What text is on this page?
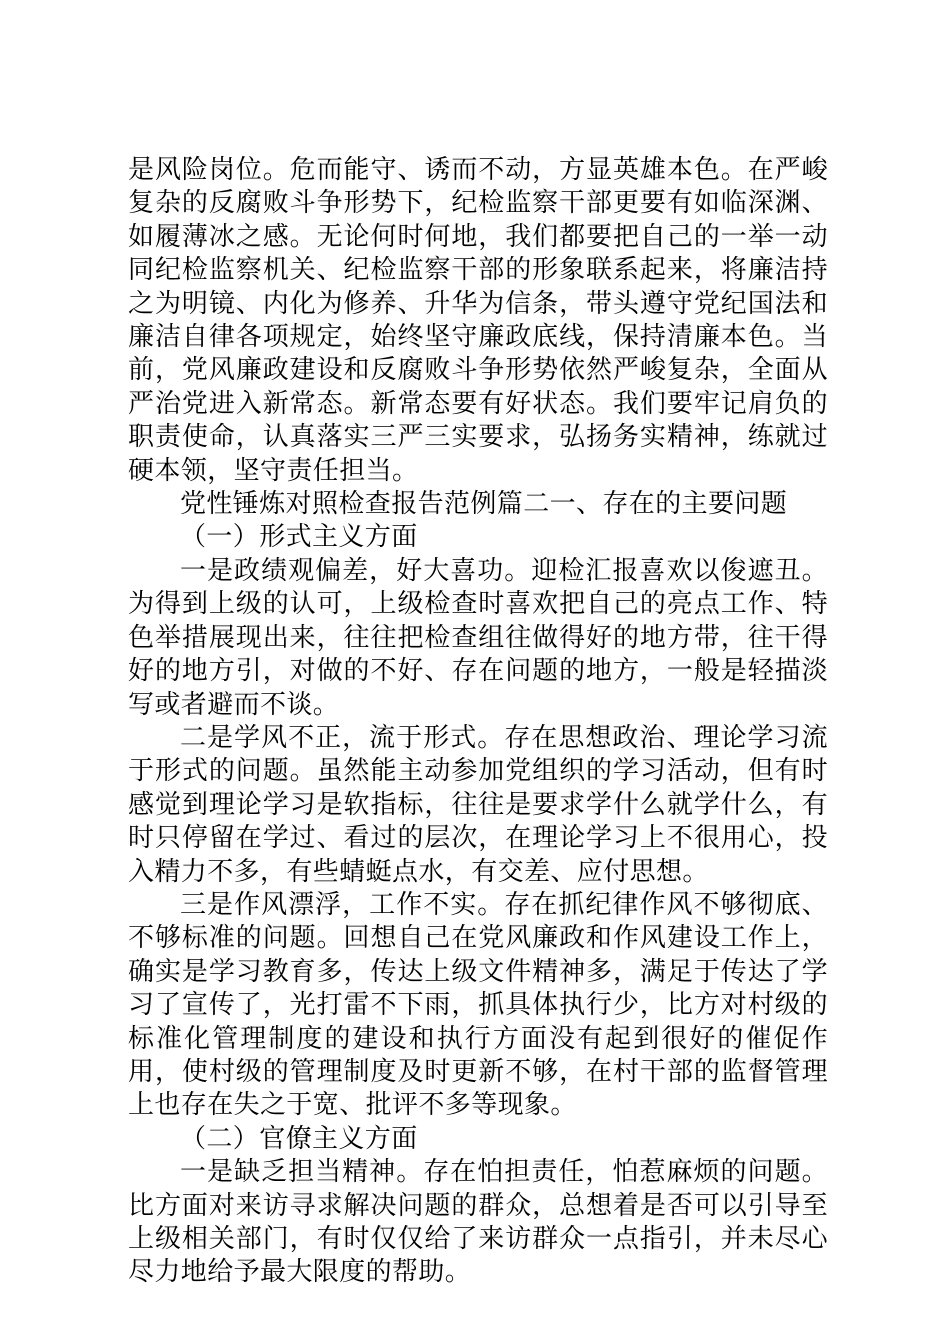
是风险岗位。危而能守、诱而不动，方显英雄本色。在严峻复杂的反腐败斗争形势下，纪检监察干部更要有如临深渊、如履薄冰之感。无论何时何地，我们都要把自己的一举一动同纪检监察机关、纪检监察干部的形象联系起来，将廉洁持之为明镜、内化为修养、升华为信条，带头遵守党纪国法和廉洁自律各项规定，始终坚守廉政底线，保持清廉本色。当前，党风廉政建设和反腐败斗争形势依然严峻复杂，全面从严治党进入新常态。新常态要有好状态。我们要牢记肩负的职责使命，认真落实三严三实要求，弘扬务实精神，练就过硬本领，坚守责任担当。

党性锤炼对照检查报告范例篇二一、存在的主要问题

（一）形式主义方面

一是政绩观偏差，好大喜功。迎检汇报喜欢以俊遮丑。为得到上级的认可，上级检查时喜欢把自己的亮点工作、特色举措展现出来，往往把检查组往做得好的地方带，往干得好的地方引，对做的不好、存在问题的地方，一般是轻描淡写或者避而不谈。

二是学风不正，流于形式。存在思想政治、理论学习流于形式的问题。虽然能主动参加党组织的学习活动，但有时感觉到理论学习是软指标，往往是要求学什么就学什么，有时只停留在学过、看过的层次，在理论学习上不很用心，投入精力不多，有些蜻蜓点水，有交差、应付思想。

三是作风漂浮，工作不实。存在抓纪律作风不够彻底、不够标准的问题。回想自己在党风廉政和作风建设工作上，确实是学习教育多，传达上级文件精神多，满足于传达了学习了宣传了，光打雷不下雨，抓具体执行少，比方对村级的标准化管理制度的建设和执行方面没有起到很好的催促作用，使村级的管理制度及时更新不够，在村干部的监督管理上也存在失之于宽、批评不多等现象。

（二）官僚主义方面

一是缺乏担当精神。存在怕担责任，怕惹麻烦的问题。比方面对来访寻求解决问题的群众，总想着是否可以引导至上级相关部门，有时仅仅给了来访群众一点指引，并未尽心尽力地给予最大限度的帮助。
